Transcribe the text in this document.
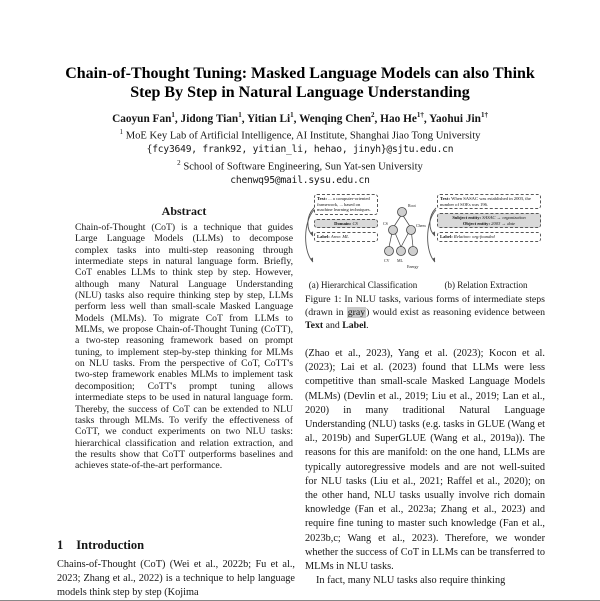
Chain-of-Thought Tuning: Masked Language Models can also Think Step By Step in Natural Language Understanding
Caoyun Fan$^1$, Jidong Tian$^1$, Yitian Li$^1$, Wenqing Chen$^2$, Hao $He^{1\dagger}$, Yaohui Jin$^{1\dagger}$
$^1$ MoE Key Lab of Artificial Intelligence, AI Institute, Shanghai Jiao Tong University
{fcy3649, frank92, yitian_li, hehao, jinyh}@sjtu.edu.cn
$^2$ School of Software Engineering, Sun Yat-sen University
chenwq95@mail.sysu.edu.cn
Abstract
Chain-of-Thought (CoT) is a technique that guides Large Language Models (LLMs) to decompose complex tasks into multi-step reasoning through intermediate steps in natural language form. Briefly, CoT enables LLMs to think step by step. However, although many Natural Language Understanding (NLU) tasks also require thinking step by step, LLMs perform less well than small-scale Masked Language Models (MLMs). To migrate CoT from LLMs to MLMs, we propose Chain-of-Thought Tuning (CoTT), a two-step reasoning framework based on prompt tuning, to implement step-by-step thinking for MLMs on NLU tasks. From the perspective of CoT, CoTT's two-step framework enables MLMs to implement task decomposition; CoTT's prompt tuning allows intermediate steps to be used in natural language form. Thereby, the success of CoT can be extended to NLU tasks through MLMs. To verify the effectiveness of CoTT, we conduct experiments on two NLU tasks: hierarchical classification and relation extraction, and the results show that CoTT outperforms baselines and achieves state-of-the-art performance.
1 Introduction
Chains-of-Thought (CoT) (Wei et al., 2022b; Fu et al., 2023; Zhang et al., 2022) is a technique to help language models think step by step (Kojima
Text: ... a computer-oriented framework, ... based on machine learning techniques.
Domain: CS
Label: Area: ML
Root
CS	Chem
CV ML
Energy
(a) Hierarchical Classification
Text: When SASAC was established in 2003, the number of SOEs was 196.
Subject entity: SASAC → organization
Object entity: 2003 → date
Label: Relation: org:founded
(b) Relation Extraction
Figure 1: In NLU tasks, various forms of intermediate steps (drawn in gray) would exist as reasoning evidence between Text and Label.

(Zhao et al., 2023), Yang et al. (2023); Kocon et al. (2023); Lai et al. (2023) found that LLMs were less competitive than small-scale Masked Language Models (MLMs) (Devlin et al., 2019; Liu et al., 2019; Lan et al., 2020) in many traditional Natural Language Understanding (NLU) tasks (e.g. tasks in GLUE (Wang et al., 2019b) and SuperGLUE (Wang et al., 2019a)). The reasons for this are manifold: on the one hand, LLMs are typically autoregressive models and are not well-suited for NLU tasks (Liu et al., 2021; Raffel et al., 2020); on the other hand, NLU tasks usually involve rich domain knowledge (Fan et al., 2023a; Zhang et al., 2023) and require fine tuning to master such knowledge (Fan et al., 2023b,c; Wang et al., 2023). Therefore, we wonder whether the success of CoT in LLMs can be transferred to MLMs in NLU tasks.

In fact, many NLU tasks also require thinking
